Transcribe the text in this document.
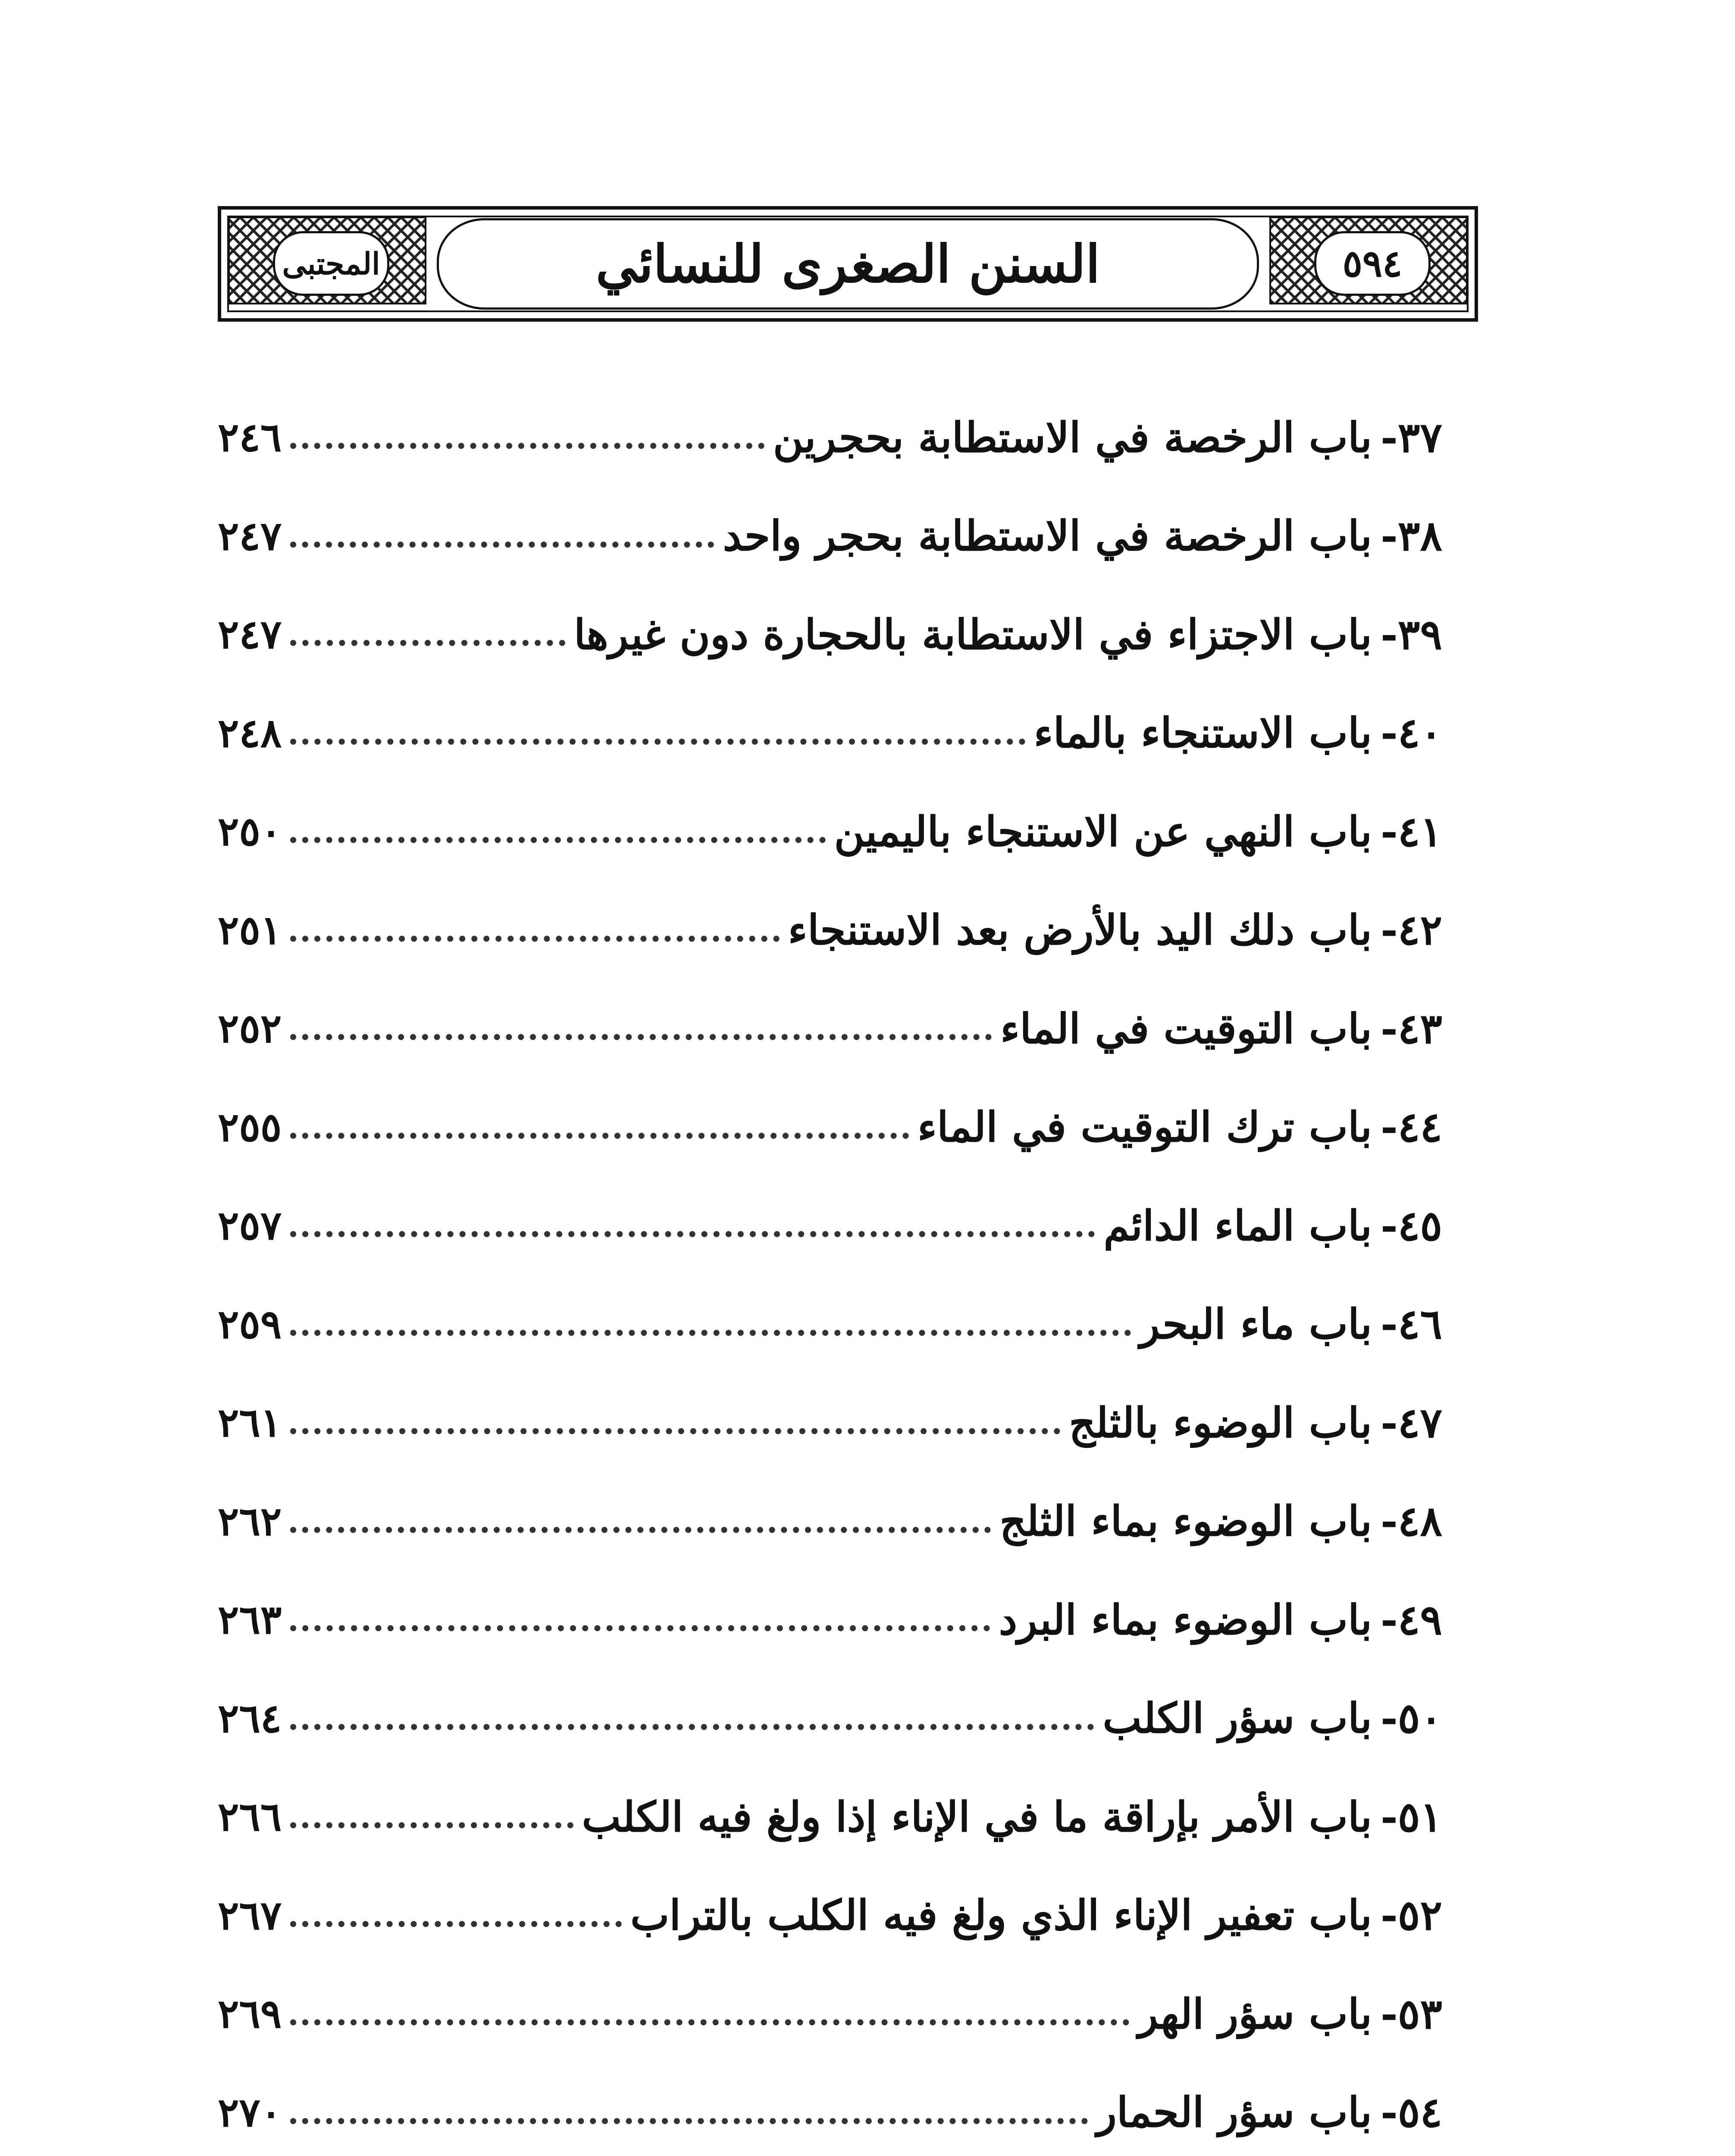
المجتبى	السنن الصغرى للنسائي	٥٩٤
٣٧-
باب الرخصة في الاستطابة بحجرين
٢٤٦
٣٨-
باب الرخصة في الاستطابة بحجر واحد
٢٤٧
٣٩-
باب الاجتزاء في الاستطابة بالحجارة دون غيرها
٢٤٧
٤٠-
باب الاستنجاء بالماء
٢٤٨
٤١-
باب النهي عن الاستنجاء باليمين
٢٥٠
٤٢-
باب دلك اليد بالأرض بعد الاستنجاء
٢٥١
٤٣-
باب التوقيت في الماء
٢٥٢
٤٤-
باب ترك التوقيت في الماء
٢٥٥
٤٥-
باب الماء الدائم
٢٥٧
٤٦-
باب ماء البحر
٢٥٩
٤٧-
باب الوضوء بالثلج
٢٦١
٤٨-
باب الوضوء بماء الثلج
٢٦٢
٤٩-
باب الوضوء بماء البرد
٢٦٣
٥٠-
باب سؤر الكلب
٢٦٤
٥١-
باب الأمر بإراقة ما في الإناء إذا ولغ فيه الكلب
٢٦٦
٥٢-
باب تعفير الإناء الذي ولغ فيه الكلب بالتراب
٢٦٧
٥٣-
باب سؤر الهر
٢٦٩
٥٤-
باب سؤر الحمار
٢٧٠
